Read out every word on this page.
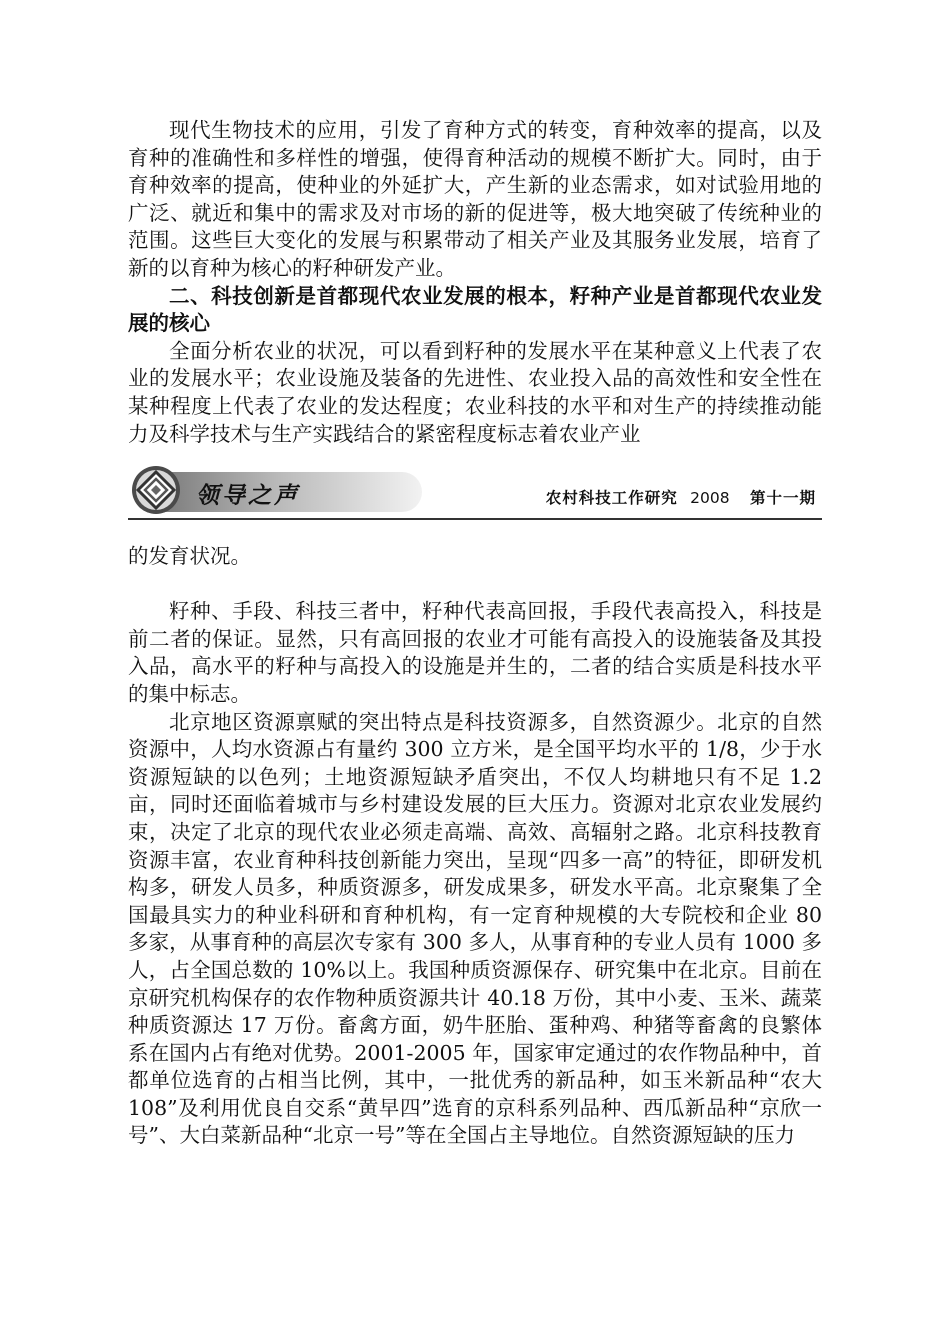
现代生物技术的应用，引发了育种方式的转变，育种效率的提高，以及育种的准确性和多样性的增强，使得育种活动的规模不断扩大。同时，由于育种效率的提高，使种业的外延扩大，产生新的业态需求，如对试验用地的广泛、就近和集中的需求及对市场的新的促进等，极大地突破了传统种业的范围。这些巨大变化的发展与积累带动了相关产业及其服务业发展，培育了新的以育种为核心的籽种研发产业。

二、科技创新是首都现代农业发展的根本，籽种产业是首都现代农业发展的核心

全面分析农业的状况，可以看到籽种的发展水平在某种意义上代表了农业的发展水平；农业设施及装备的先进性、农业投入品的高效性和安全性在某种程度上代表了农业的发达程度；农业科技的水平和对生产的持续推动能力及科学技术与生产实践结合的紧密程度标志着农业产业

领导之声	农村科技工作研究 2008 第十一期

的发育状况。

籽种、手段、科技三者中，籽种代表高回报，手段代表高投入，科技是前二者的保证。显然，只有高回报的农业才可能有高投入的设施装备及其投入品，高水平的籽种与高投入的设施是并生的，二者的结合实质是科技水平的集中标志。

北京地区资源禀赋的突出特点是科技资源多，自然资源少。北京的自然资源中，人均水资源占有量约 300 立方米，是全国平均水平的 1/8，少于水资源短缺的以色列；土地资源短缺矛盾突出，不仅人均耕地只有不足 1.2 亩，同时还面临着城市与乡村建设发展的巨大压力。资源对北京农业发展约束，决定了北京的现代农业必须走高端、高效、高辐射之路。北京科技教育资源丰富，农业育种科技创新能力突出，呈现“四多一高”的特征，即研发机构多，研发人员多，种质资源多，研发成果多，研发水平高。北京聚集了全国最具实力的种业科研和育种机构，有一定育种规模的大专院校和企业 80 多家，从事育种的高层次专家有 300 多人，从事育种的专业人员有 1000 多人，占全国总数的 10%以上。我国种质资源保存、研究集中在北京。目前在京研究机构保存的农作物种质资源共计 40.18 万份，其中小麦、玉米、蔬菜种质资源达 17 万份。畜禽方面，奶牛胚胎、蛋种鸡、种猪等畜禽的良繁体系在国内占有绝对优势。2001-2005 年，国家审定通过的农作物品种中，首都单位选育的占相当比例，其中，一批优秀的新品种，如玉米新品种“农大 108”及利用优良自交系“黄早四”选育的京科系列品种、西瓜新品种“京欣一号”、大白菜新品种“北京一号”等在全国占主导地位。自然资源短缺的压力
